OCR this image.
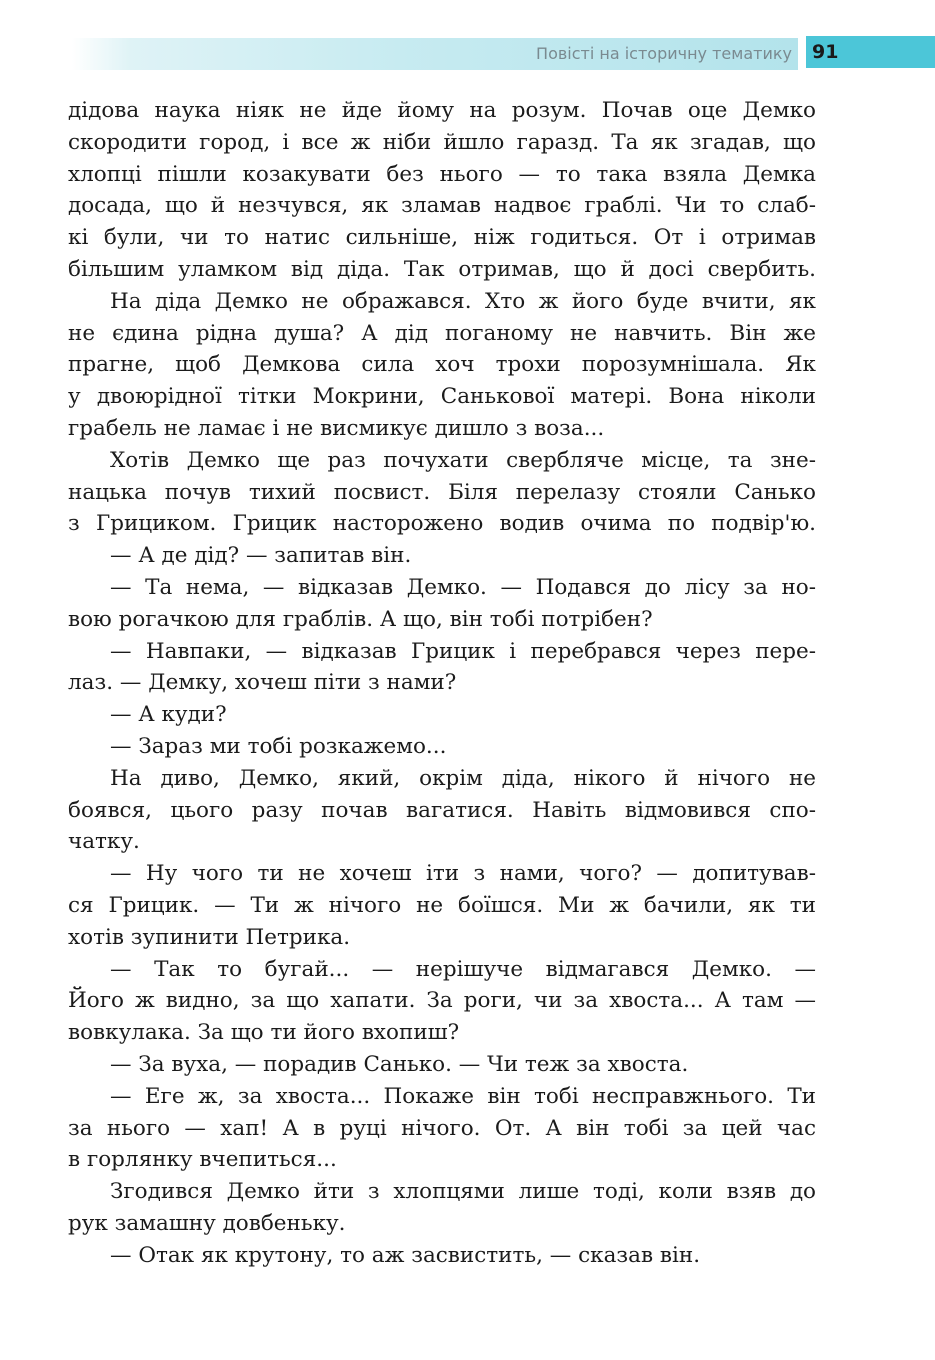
Повісті на історичну тематику 91
дідова наука ніяк не йде йому на розум. Почав оце Демко
скородити город, і все ж ніби йшло гаразд. Та як згадав, що
хлопці пішли козакувати без нього — то така взяла Демка
досада, що й незчувся, як зламав надвоє граблі. Чи то слаб-
кі були, чи то натис сильніше, ніж годиться. От і отримав
більшим уламком від діда. Так отримав, що й досі свербить.
На діда Демко не ображався. Хто ж його буде вчити, як
не єдина рідна душа? А дід поганому не навчить. Він же
прагне, щоб Демкова сила хоч трохи порозумнішала. Як
у двоюрідної тітки Мокрини, Санькової матері. Вона ніколи
грабель не ламає і не висмикує дишло з воза...
Хотів Демко ще раз почухати свербляче місце, та зне-
нацька почув тихий посвист. Біля перелазу стояли Санько
з Грициком. Грицик насторожено водив очима по подвір'ю.
— А де дід? — запитав він.
— Та нема, — відказав Демко. — Подався до лісу за но-
вою рогачкою для граблів. А що, він тобі потрібен?
— Навпаки, — відказав Грицик і перебрався через пере-
лаз. — Демку, хочеш піти з нами?
— А куди?
— Зараз ми тобі розкажемо...
На диво, Демко, який, окрім діда, нікого й нічого не
боявся, цього разу почав вагатися. Навіть відмовився спо-
чатку.
— Ну чого ти не хочеш іти з нами, чого? — допитував-
ся Грицик. — Ти ж нічого не боїшся. Ми ж бачили, як ти
хотів зупинити Петрика.
— Так то бугай... — нерішуче відмагався Демко. —
Його ж видно, за що хапати. За роги, чи за хвоста... А там —
вовкулака. За що ти його вхопиш?
— За вуха, — порадив Санько. — Чи теж за хвоста.
— Еге ж, за хвоста... Покаже він тобі несправжнього. Ти
за нього — хап! А в руці нічого. От. А він тобі за цей час
в горлянку вчепиться...
Згодився Демко йти з хлопцями лише тоді, коли взяв до
рук замашну довбеньку.
— Отак як крутону, то аж засвистить, — сказав він.
